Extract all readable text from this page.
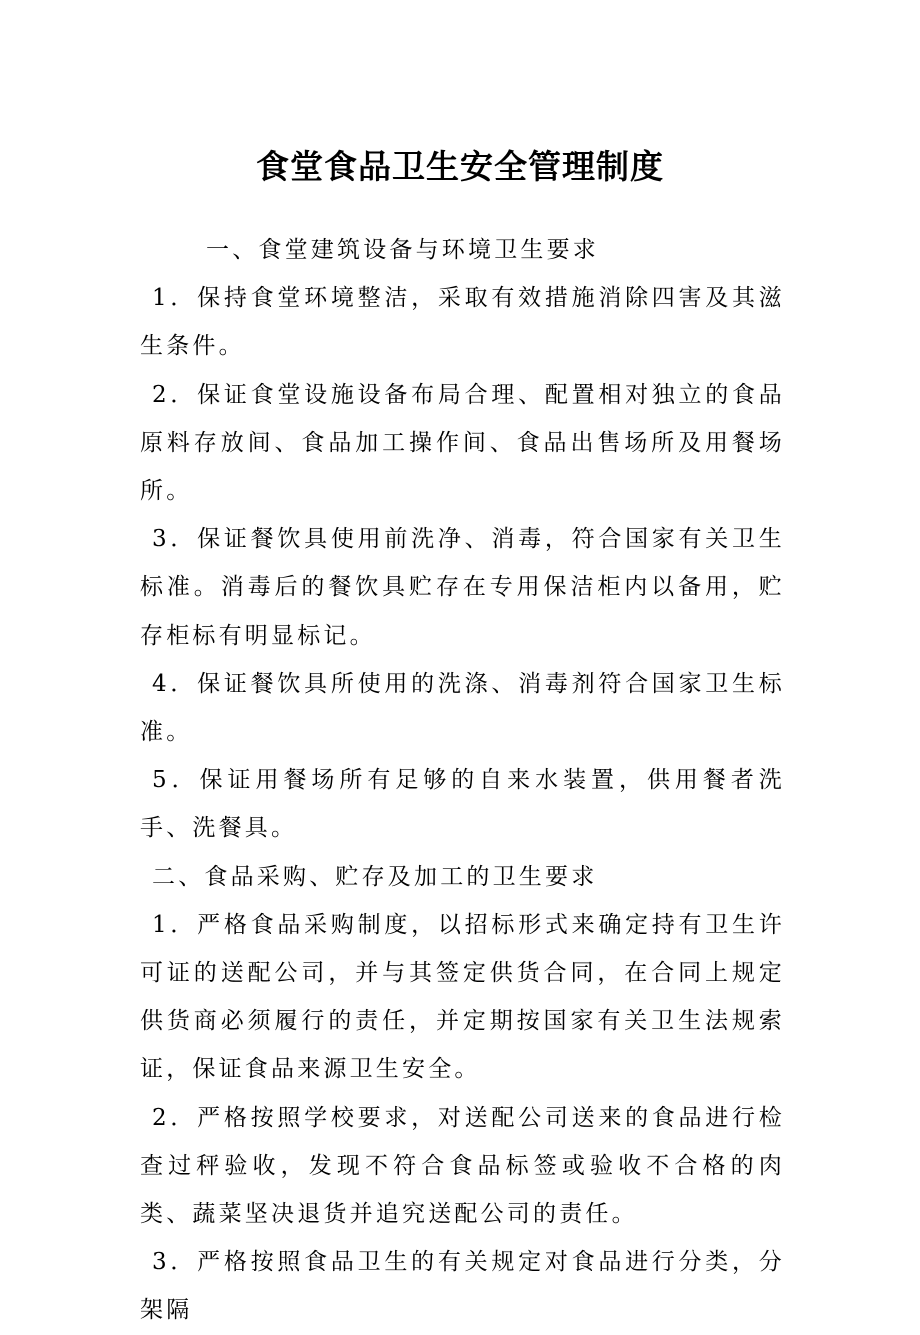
食堂食品卫生安全管理制度

一、食堂建筑设备与环境卫生要求

1．保持食堂环境整洁，采取有效措施消除四害及其滋生条件。

2．保证食堂设施设备布局合理、配置相对独立的食品原料存放间、食品加工操作间、食品出售场所及用餐场所。

3．保证餐饮具使用前洗净、消毒，符合国家有关卫生标准。消毒后的餐饮具贮存在专用保洁柜内以备用，贮存柜标有明显标记。

4．保证餐饮具所使用的洗涤、消毒剂符合国家卫生标准。

5．保证用餐场所有足够的自来水装置，供用餐者洗手、洗餐具。

二、食品采购、贮存及加工的卫生要求

1．严格食品采购制度，以招标形式来确定持有卫生许可证的送配公司，并与其签定供货合同，在合同上规定供货商必须履行的责任，并定期按国家有关卫生法规索证，保证食品来源卫生安全。

2．严格按照学校要求，对送配公司送来的食品进行检查过秤验收，发现不符合食品标签或验收不合格的肉类、蔬菜坚决退货并追究送配公司的责任。

3．严格按照食品卫生的有关规定对食品进行分类，分架隔
